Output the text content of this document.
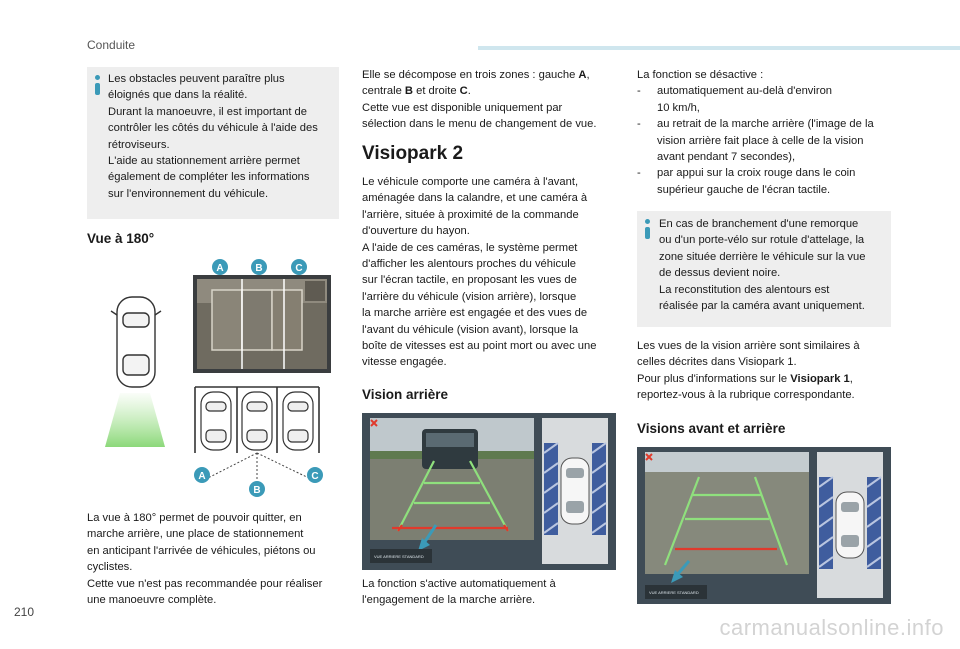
Conduite

Les obstacles peuvent paraître plus

éloignés que dans la réalité.

Durant la manoeuvre, il est important de

contrôler les côtés du véhicule à l'aide des

rétroviseurs.

L'aide au stationnement arrière permet

également de compléter les informations

sur l'environnement du véhicule.

Vue à 180°
A	B	C
A
B
C

La vue à 180° permet de pouvoir quitter, en

marche arrière, une place de stationnement

en anticipant l'arrivée de véhicules, piétons ou

cyclistes.

Cette vue n'est pas recommandée pour réaliser

une manoeuvre complète.

Elle se décompose en trois zones : gauche A,

centrale B et droite C.

Cette vue est disponible uniquement par

sélection dans le menu de changement de vue.

Visiopark 2

Le véhicule comporte une caméra à l'avant,

aménagée dans la calandre, et une caméra à

l'arrière, située à proximité de la commande

d'ouverture du hayon.

A l'aide de ces caméras, le système permet

d'afficher les alentours proches du véhicule

sur l'écran tactile, en proposant les vues de

l'arrière du véhicule (vision arrière), lorsque

la marche arrière est engagée et des vues de

l'avant du véhicule (vision avant), lorsque la

boîte de vitesses est au point mort ou avec une

vitesse engagée.

Vision arrière
VUE ARRIERE STANDARD

La fonction s'active automatiquement à

l'engagement de la marche arrière.

La fonction se désactive :

- automatiquement au-delà d'environ
10 km/h,
- au retrait de la marche arrière (l'image de la
vision arrière fait place à celle de la vision
avant pendant 7 secondes),
- par appui sur la croix rouge dans le coin
supérieur gauche de l'écran tactile.

En cas de branchement d'une remorque

ou d'un porte-vélo sur rotule d'attelage, la

zone située derrière le véhicule sur la vue

de dessus devient noire.

La reconstitution des alentours est

réalisée par la caméra avant uniquement.

Les vues de la vision arrière sont similaires à

celles décrites dans Visiopark 1.

Pour plus d'informations sur le Visiopark 1,

reportez-vous à la rubrique correspondante.

Visions avant et arrière
VUE ARRIERE STANDARD
210
carmanualsonline.info
